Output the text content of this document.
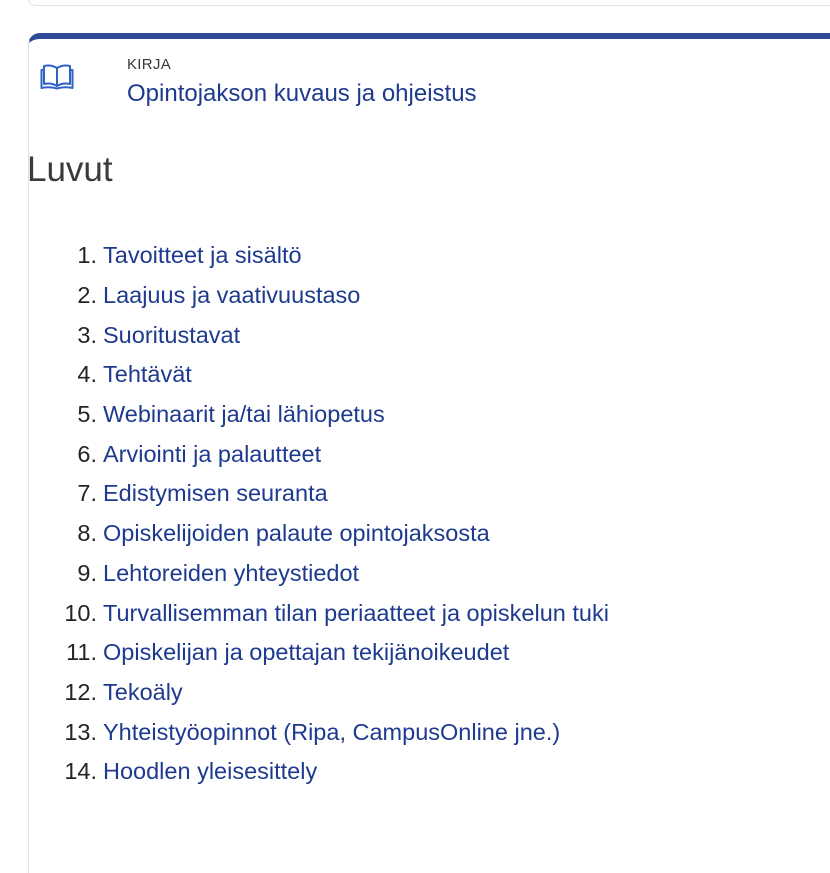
KIRJA
Opintojakson kuvaus ja ohjeistus
Luvut
1. Tavoitteet ja sisältö
2. Laajuus ja vaativuustaso
3. Suoritustavat
4. Tehtävät
5. Webinaarit ja/tai lähiopetus
6. Arviointi ja palautteet
7. Edistymisen seuranta
8. Opiskelijoiden palaute opintojaksosta
9. Lehtoreiden yhteystiedot
10. Turvallisemman tilan periaatteet ja opiskelun tuki
11. Opiskelijan ja opettajan tekijänoikeudet
12. Tekoäly
13. Yhteistyöopinnot (Ripa, CampusOnline jne.)
14. Hoodlen yleisesittely
